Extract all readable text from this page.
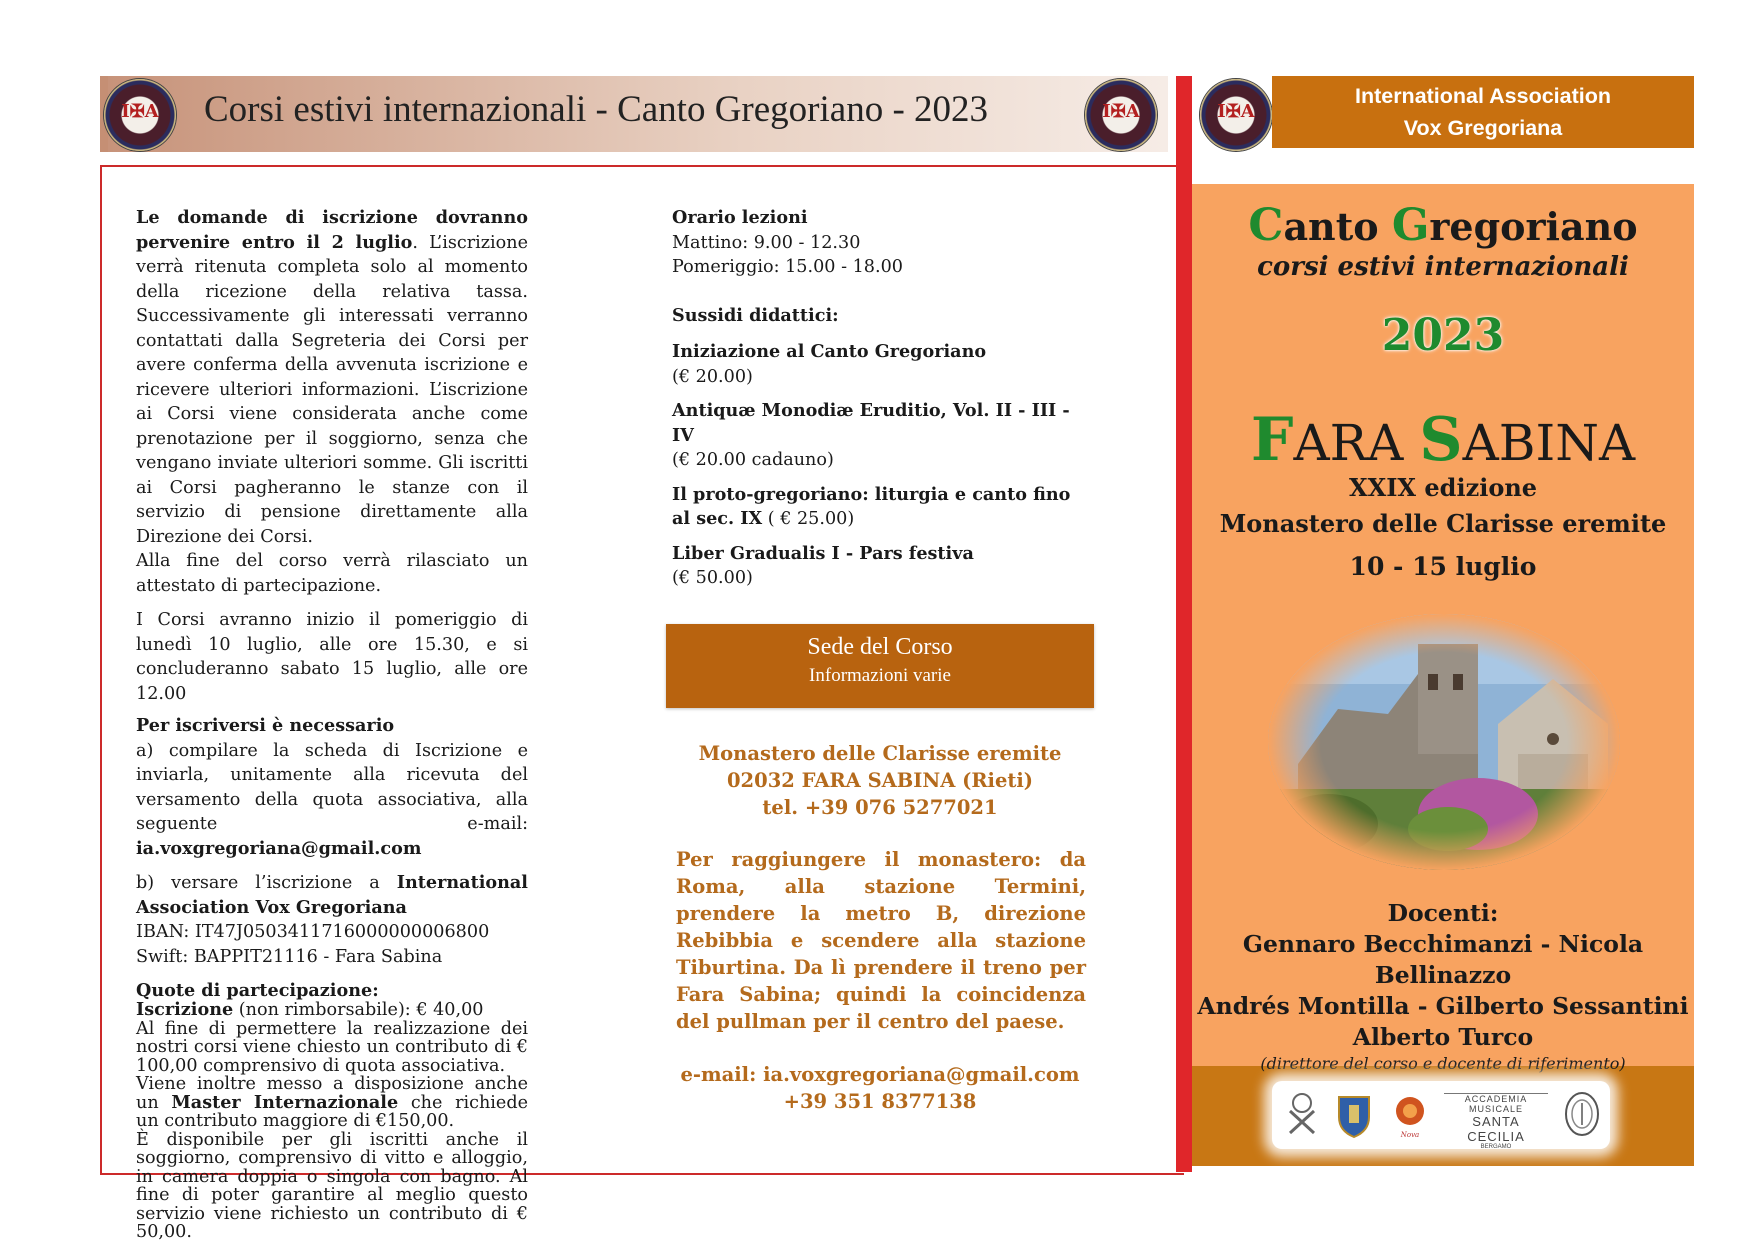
Corsi estivi internazionali - Canto Gregoriano - 2023
I✠A	I✠A	I✠A

Le domande di iscrizione dovranno pervenire entro il 2 luglio. L’iscrizione verrà ritenuta completa solo al momento della ricezione della relativa tassa. Successivamente gli interessati verranno contattati dalla Segreteria dei Corsi per avere conferma della avvenuta iscrizione e ricevere ulteriori informazioni. L’iscrizione ai Corsi viene considerata anche come prenotazione per il soggiorno, senza che vengano inviate ulteriori somme. Gli iscritti ai Corsi pagheranno le stanze con il servizio di pensione direttamente alla Direzione dei Corsi.

Alla fine del corso verrà rilasciato un attestato di partecipazione.

I Corsi avranno inizio il pomeriggio di lunedì 10 luglio, alle ore 15.30, e si concluderanno sabato 15 luglio, alle ore 12.00

Per iscriversi è necessario

a) compilare la scheda di Iscrizione e inviarla, unitamente alla ricevuta del versamento della quota associativa, alla seguente e-mail: ia.voxgregoriana@gmail.com

b) versare l’iscrizione a International Association Vox Gregoriana

IBAN: IT47J0503411716000000006800
Swift: BAPPIT21116 - Fara Sabina
Quote di partecipazione:
Iscrizione (non rimborsabile): € 40,00
Al fine di permettere la realizzazione dei nostri corsi viene chiesto un contributo di € 100,00 comprensivo di quota associativa.
Viene inoltre messo a disposizione anche un Master Internazionale che richiede un contributo maggiore di €150,00.
È disponibile per gli iscritti anche il soggiorno, comprensivo di vitto e alloggio, in camera doppia o singola con bagno. Al fine di poter garantire al meglio questo servizio viene richiesto un contributo di € 50,00.
Orario lezioni
Mattino: 9.00 - 12.30
Pomeriggio: 15.00 - 18.00
Sussidi didattici:
Iniziazione al Canto Gregoriano
(€ 20.00)
Antiquæ Monodiæ Eruditio, Vol. II - III - IV
(€ 20.00 cadauno)
Il proto-gregoriano: liturgia e canto fino al sec. IX ( € 25.00)
Liber Gradualis I - Pars festiva
(€ 50.00)
Sede del Corso
Informazioni varie
Monastero delle Clarisse eremite
02032 FARA SABINA (Rieti)
tel. +39 076 5277021
Per raggiungere il monastero: da Roma, alla stazione Termini, prendere la metro B, direzione Rebibbia e scendere alla stazione Tiburtina. Da lì prendere il treno per Fara Sabina; quindi la coincidenza del pullman per il centro del paese.
e-mail: ia.voxgregoriana@gmail.com
+39 351 8377138
International Association
Vox Gregoriana
Canto Gregoriano
corsi estivi internazionali
2023
FARA SABINA
XXIX edizione
Monastero delle Clarisse eremite
10 - 15 luglio
Docenti:
Gennaro Becchimanzi - Nicola Bellinazzo
Andrés Montilla - Gilberto Sessantini
Alberto Turco
(direttore del corso e docente di riferimento)
Nova
ACCADEMIA MUSICALE
SANTA CECILIA
BERGAMO
